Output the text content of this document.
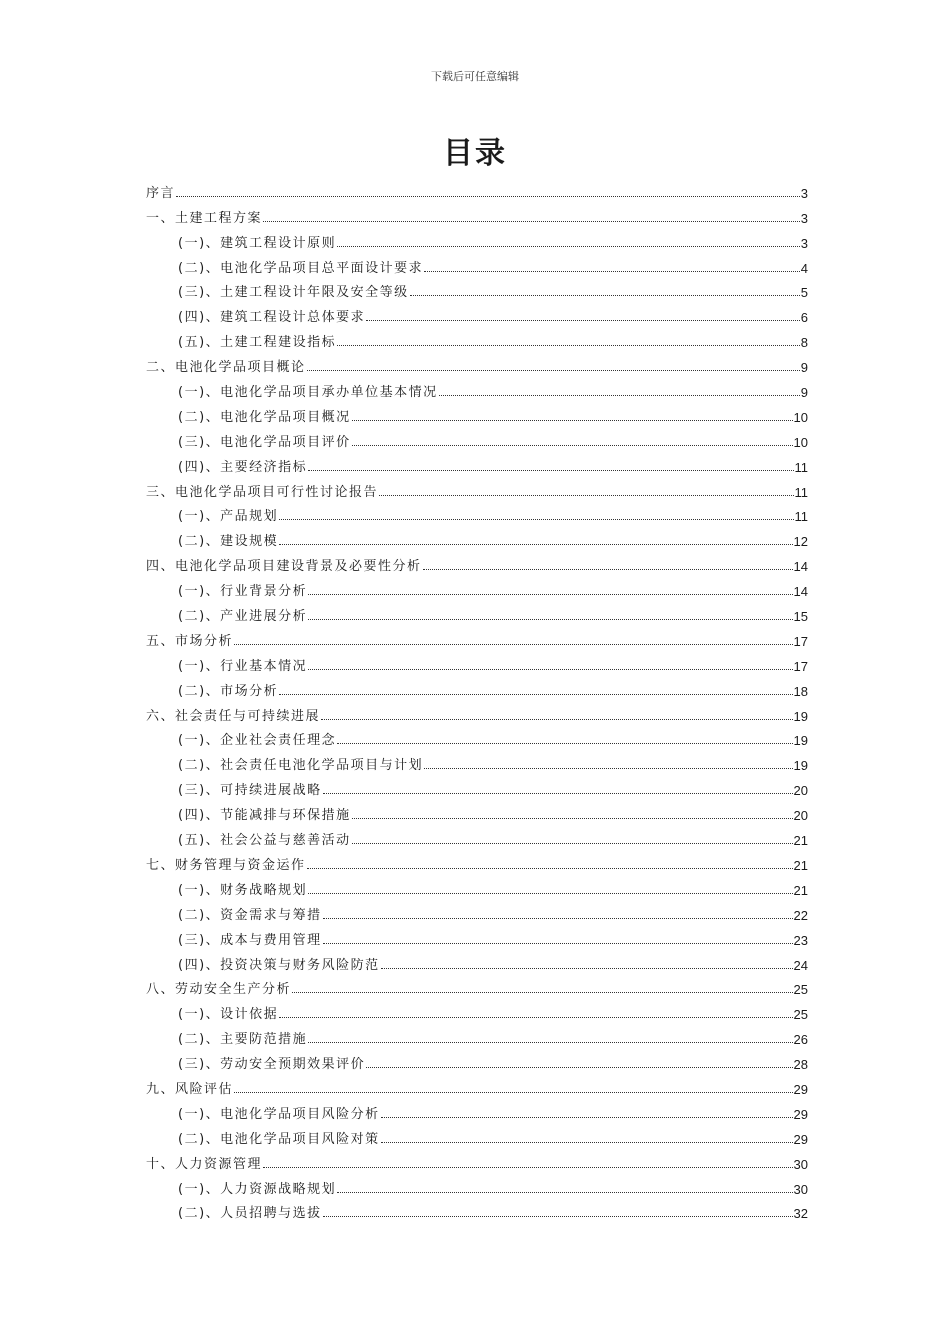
下载后可任意编辑
目录
序言	3
一、土建工程方案	3
(一)、建筑工程设计原则	3
(二)、电池化学品项目总平面设计要求	4
(三)、土建工程设计年限及安全等级	5
(四)、建筑工程设计总体要求	6
(五)、土建工程建设指标	8
二、电池化学品项目概论	9
(一)、电池化学品项目承办单位基本情况	9
(二)、电池化学品项目概况	10
(三)、电池化学品项目评价	10
(四)、主要经济指标	11
三、电池化学品项目可行性讨论报告	11
(一)、产品规划	11
(二)、建设规模	12
四、电池化学品项目建设背景及必要性分析	14
(一)、行业背景分析	14
(二)、产业进展分析	15
五、市场分析	17
(一)、行业基本情况	17
(二)、市场分析	18
六、社会责任与可持续进展	19
(一)、企业社会责任理念	19
(二)、社会责任电池化学品项目与计划	19
(三)、可持续进展战略	20
(四)、节能减排与环保措施	20
(五)、社会公益与慈善活动	21
七、财务管理与资金运作	21
(一)、财务战略规划	21
(二)、资金需求与筹措	22
(三)、成本与费用管理	23
(四)、投资决策与财务风险防范	24
八、劳动安全生产分析	25
(一)、设计依据	25
(二)、主要防范措施	26
(三)、劳动安全预期效果评价	28
九、风险评估	29
(一)、电池化学品项目风险分析	29
(二)、电池化学品项目风险对策	29
十、人力资源管理	30
(一)、人力资源战略规划	30
(二)、人员招聘与选拔	32
